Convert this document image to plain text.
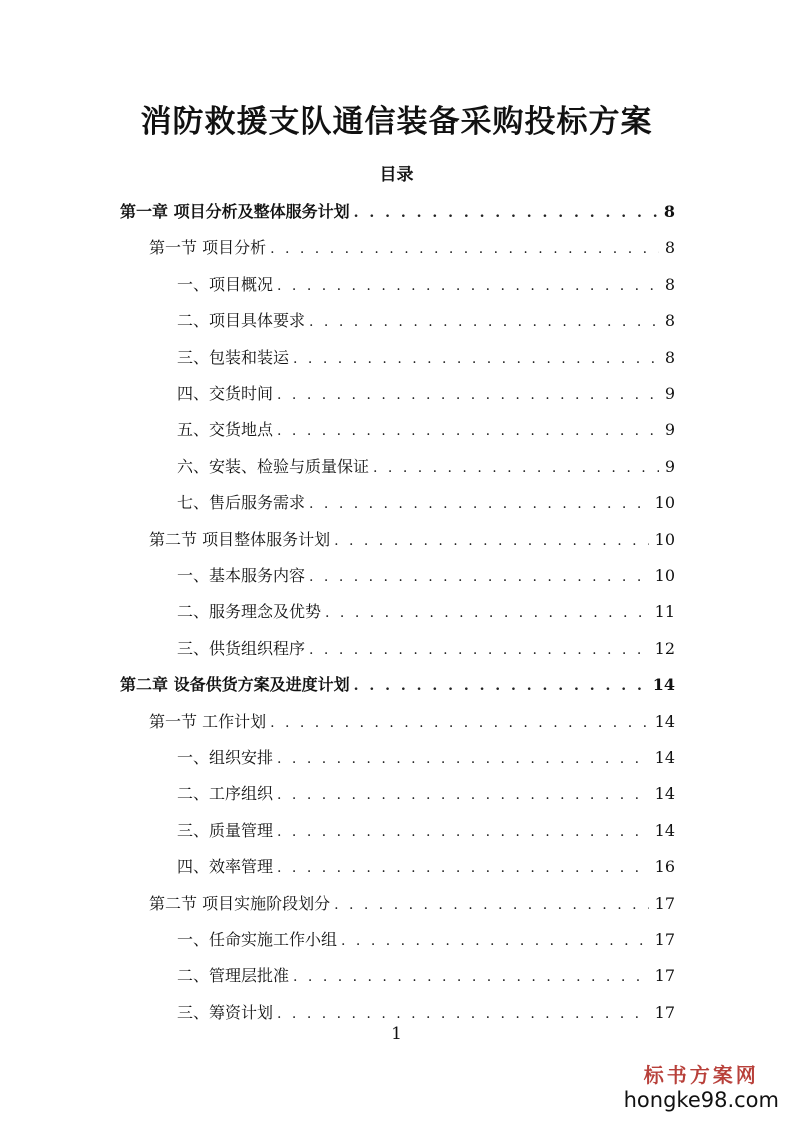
消防救援支队通信装备采购投标方案
目录
第一章 项目分析及整体服务计划 . . .	8
第一节 项目分析 . . .	8
一、项目概况 . . .	8
二、项目具体要求 . . .	8
三、包装和装运 . . .	8
四、交货时间 . . .	9
五、交货地点 . . .	9
六、安装、检验与质量保证 . . .	9
七、售后服务需求 . . .	10
第二节 项目整体服务计划 . . .	10
一、基本服务内容 . . .	10
二、服务理念及优势 . . .	11
三、供货组织程序 . . .	12
第二章 设备供货方案及进度计划 . . .	14
第一节 工作计划 . . .	14
一、组织安排 . . .	14
二、工序组织 . . .	14
三、质量管理 . . .	14
四、效率管理 . . .	16
第二节 项目实施阶段划分 . . .	17
一、任命实施工作小组 . . .	17
二、管理层批准 . . .	17
三、筹资计划 . . .	17
1
标书方案网
hongke98.com
